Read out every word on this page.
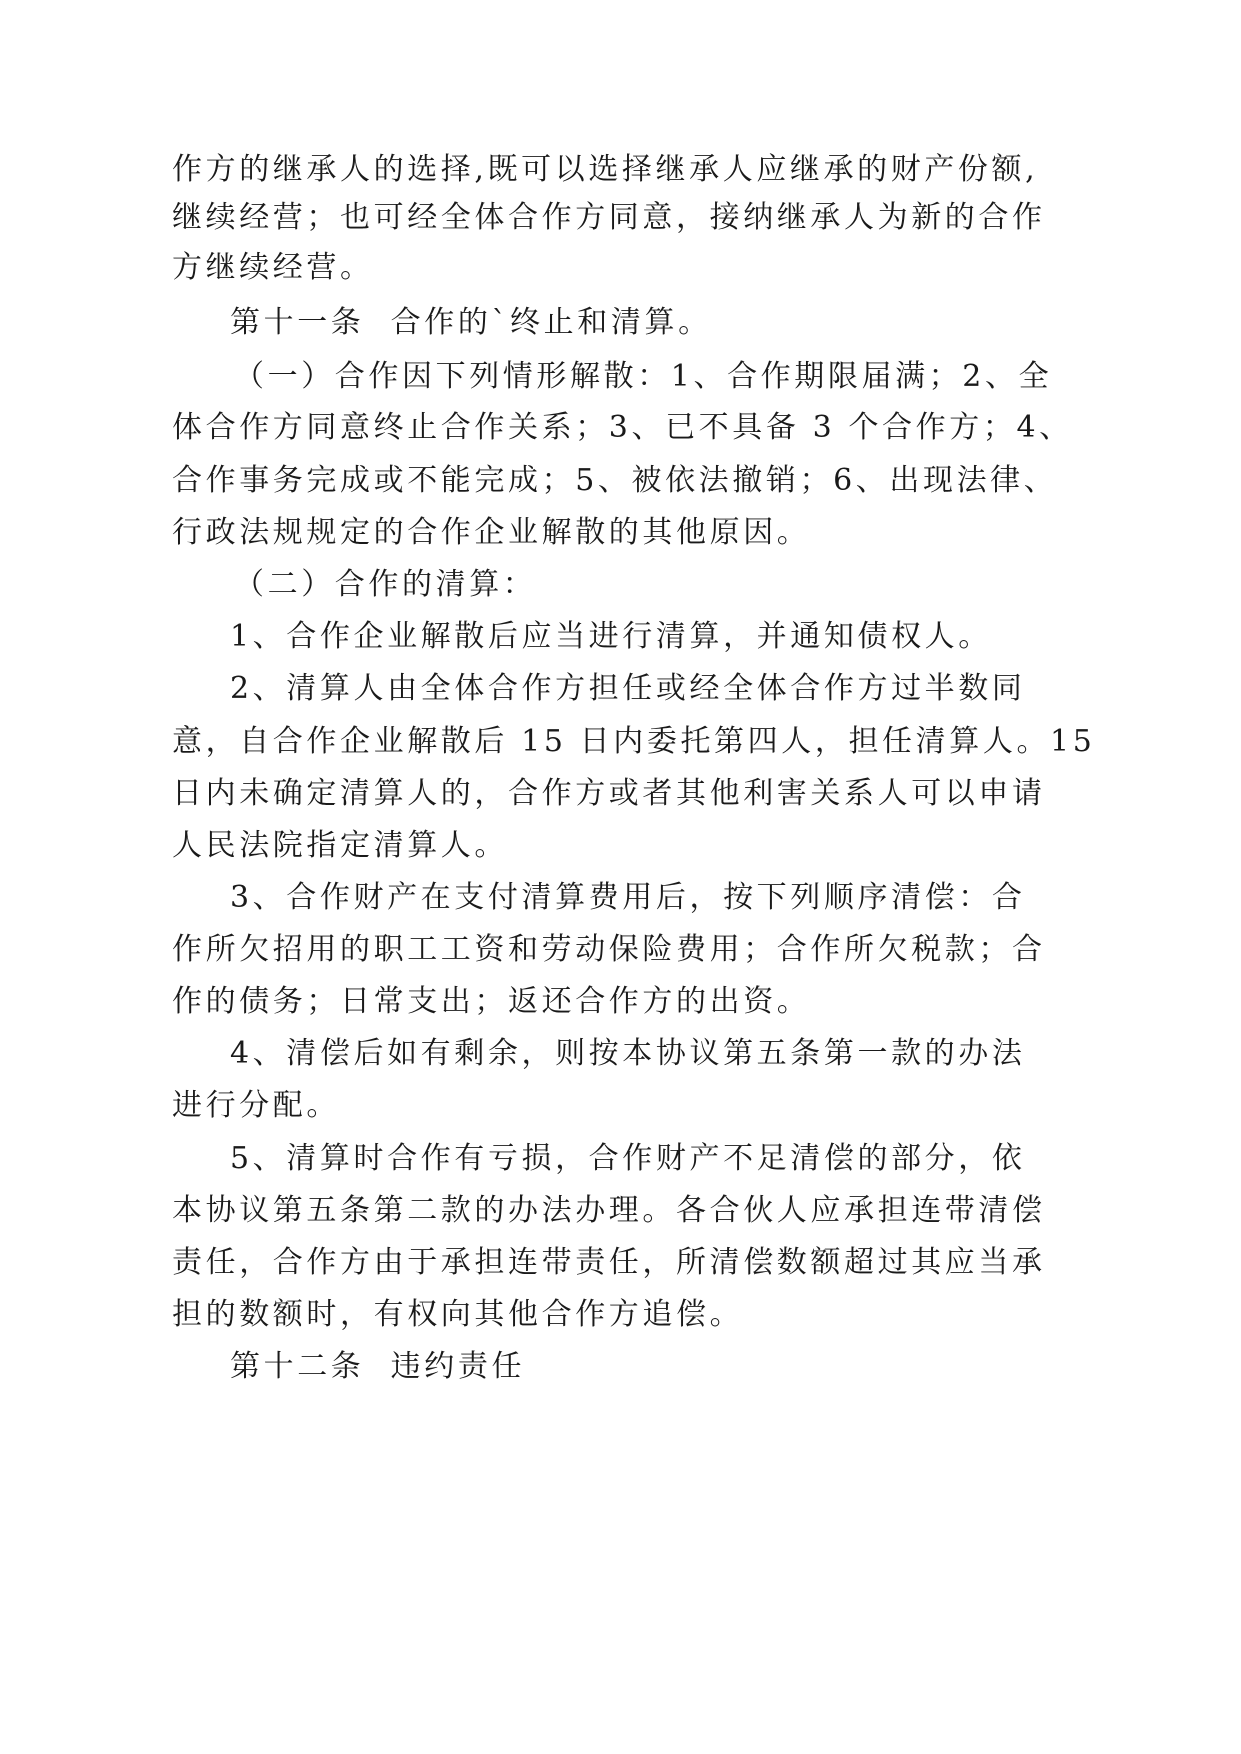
作方的继承人的选择,既可以选择继承人应继承的财产份额,

继续经营；也可经全体合作方同意，接纳继承人为新的合作

方继续经营。

第十一条  合作的`终止和清算。

（一）合作因下列情形解散：1、合作期限届满；2、全

体合作方同意终止合作关系；3、已不具备 3 个合作方；4、

合作事务完成或不能完成；5、被依法撤销；6、出现法律、

行政法规规定的合作企业解散的其他原因。

（二）合作的清算：

1、合作企业解散后应当进行清算，并通知债权人。

2、清算人由全体合作方担任或经全体合作方过半数同

意，自合作企业解散后 15 日内委托第四人，担任清算人。15

日内未确定清算人的，合作方或者其他利害关系人可以申请

人民法院指定清算人。

3、合作财产在支付清算费用后，按下列顺序清偿：合

作所欠招用的职工工资和劳动保险费用；合作所欠税款；合

作的债务；日常支出；返还合作方的出资。

4、清偿后如有剩余，则按本协议第五条第一款的办法

进行分配。

5、清算时合作有亏损，合作财产不足清偿的部分，依

本协议第五条第二款的办法办理。各合伙人应承担连带清偿

责任，合作方由于承担连带责任，所清偿数额超过其应当承

担的数额时，有权向其他合作方追偿。

第十二条  违约责任
